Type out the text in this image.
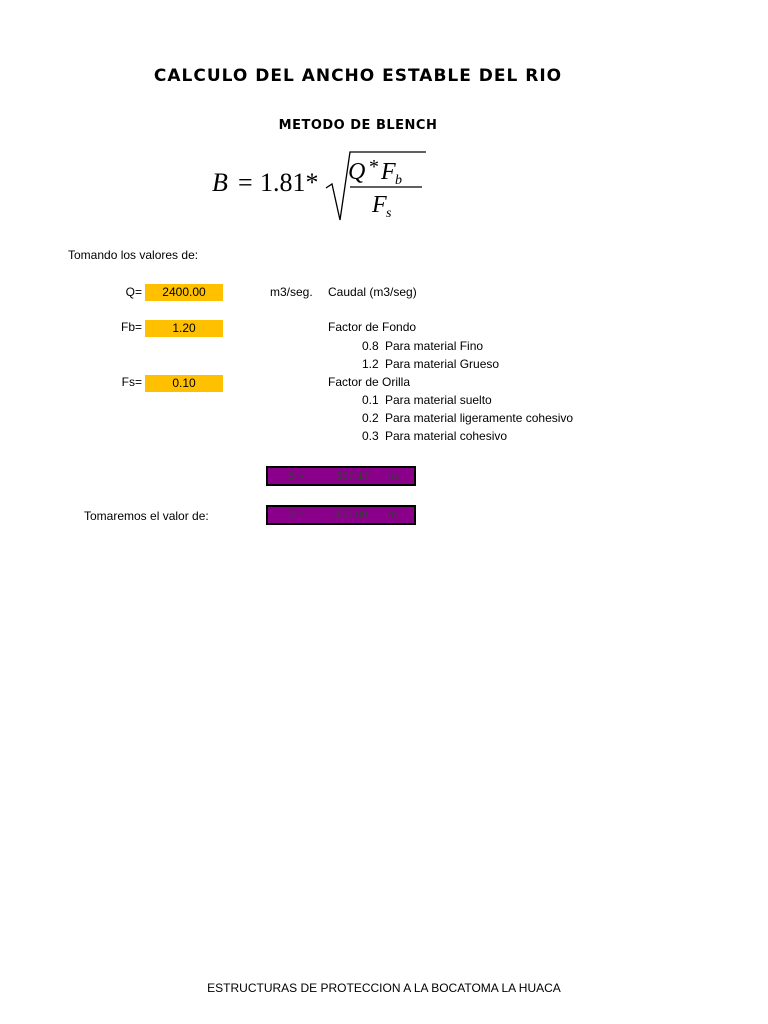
CALCULO DEL ANCHO ESTABLE DEL RIO
METODO DE BLENCH
B = 1.81* Q * F b
F s
Tomando los valores de:
Q=	2400.00	m3/seg. Caudal (m3/seg)
Fb=	1.20	Factor de Fondo
0.8 Para material Fino
1.2 Para material Grueso
Fs=	0.10	Factor de Orilla
0.1 Para material suelto
0.2 Para material ligeramente cohesivo
0.3 Para material cohesivo
B =	307.17 m.
Tomaremos el valor de:	B =	350.00 m.
ESTRUCTURAS DE PROTECCION A LA BOCATOMA LA HUACA
